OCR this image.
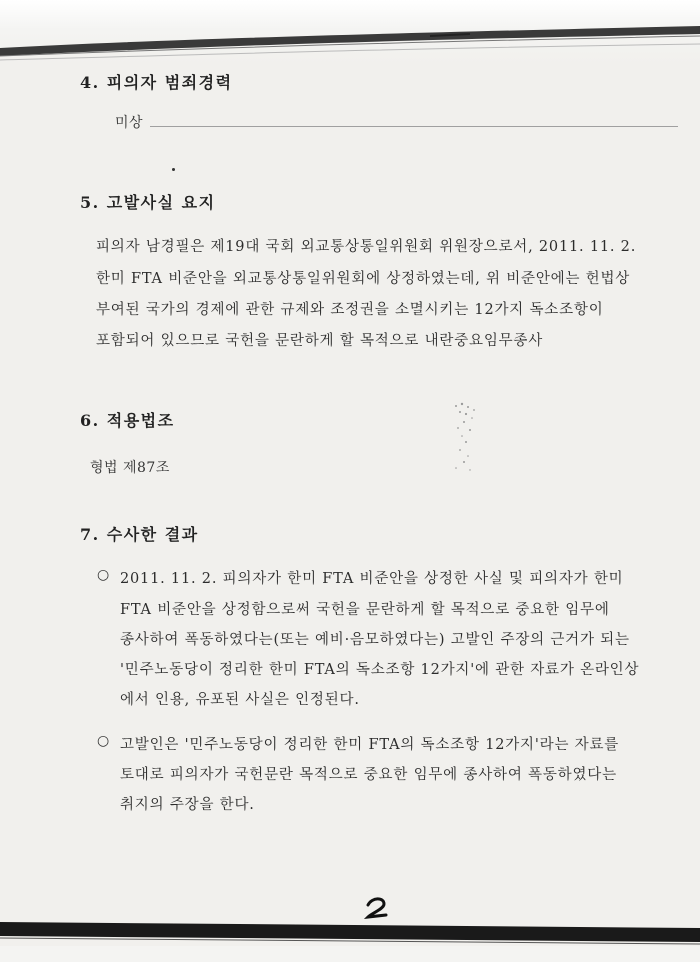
4. 피의자 범죄경력
미상
5. 고발사실 요지
피의자 남경필은 제19대 국회 외교통상통일위원회 위원장으로서, 2011. 11. 2.
한미 FTA 비준안을 외교통상통일위원회에 상정하였는데, 위 비준안에는 헌법상
부여된 국가의 경제에 관한 규제와 조정권을 소멸시키는 12가지 독소조항이
포함되어 있으므로 국헌을 문란하게 할 목적으로 내란중요임무종사
6. 적용법조
형법 제87조
7. 수사한 결과
○ 2011. 11. 2. 피의자가 한미 FTA 비준안을 상정한 사실 및 피의자가 한미
FTA 비준안을 상정함으로써 국헌을 문란하게 할 목적으로 중요한 임무에
종사하여 폭동하였다는(또는 예비·음모하였다는) 고발인 주장의 근거가 되는
'민주노동당이 정리한 한미 FTA의 독소조항 12가지'에 관한 자료가 온라인상
에서 인용, 유포된 사실은 인정된다.
○ 고발인은 '민주노동당이 정리한 한미 FTA의 독소조항 12가지'라는 자료를
토대로 피의자가 국헌문란 목적으로 중요한 임무에 종사하여 폭동하였다는
취지의 주장을 한다.
